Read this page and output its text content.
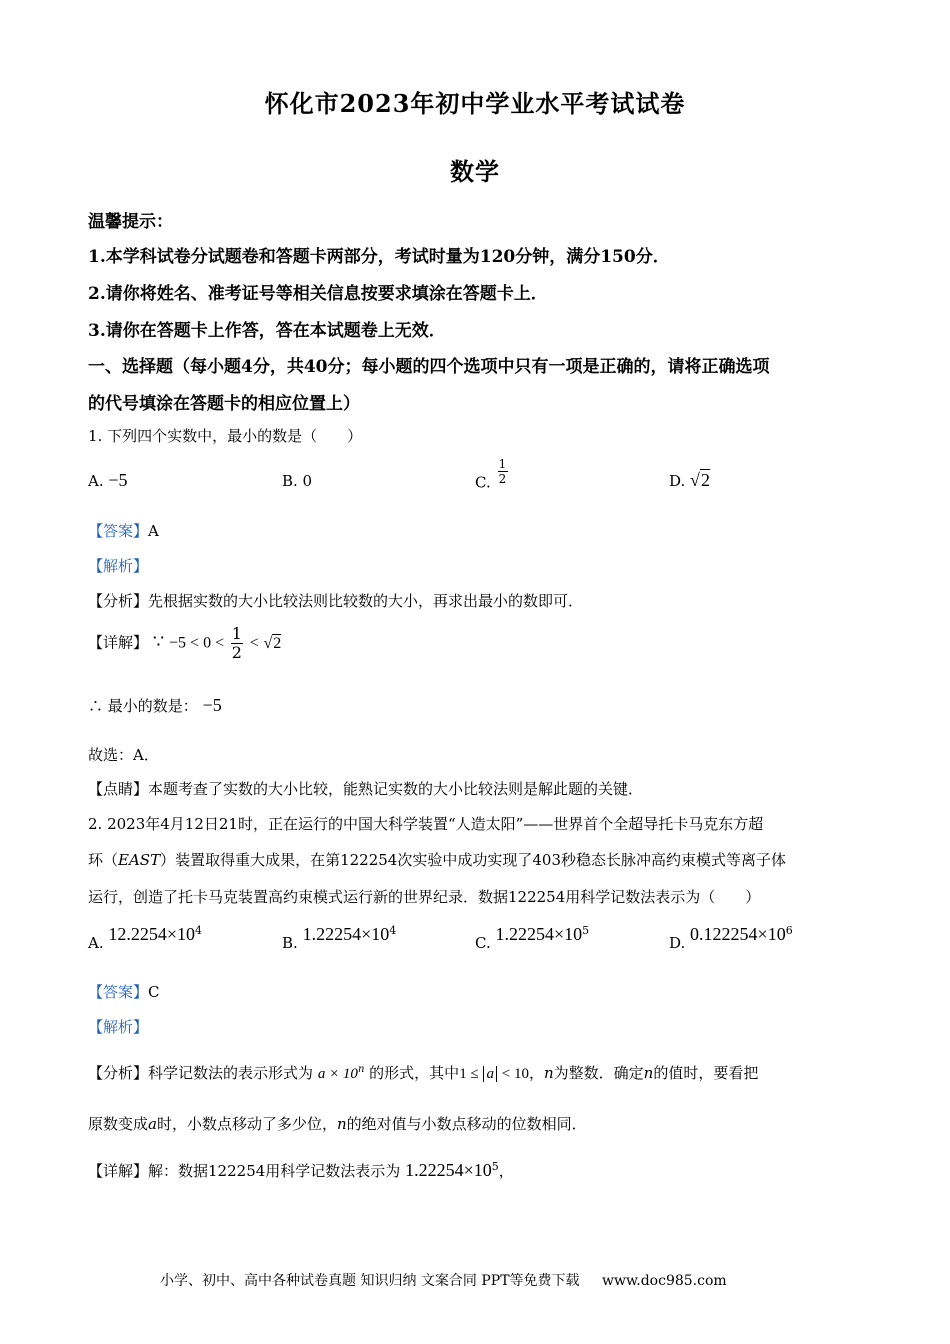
怀化市2023年初中学业水平考试试卷
数学
温馨提示：
1.本学科试卷分试题卷和答题卡两部分，考试时量为120分钟，满分150分．
2.请你将姓名、准考证号等相关信息按要求填涂在答题卡上．
3.请你在答题卡上作答，答在本试题卷上无效．
一、选择题（每小题4分，共40分；每小题的四个选项中只有一项是正确的，请将正确选项
的代号填涂在答题卡的相应位置上）
1. 下列四个实数中，最小的数是（　　）
A. −5	B. 0	C. $\frac{1}{2}$	D. √2
【答案】A
【解析】
【分析】先根据实数的大小比较法则比较数的大小，再求出最小的数即可．
【详解】 ∵ $-5 < 0 < \frac{1}{2} < √2$
∴ 最小的数是： −5
故选：A．
【点睛】本题考查了实数的大小比较，能熟记实数的大小比较法则是解此题的关键．
2. 2023年4月12日21时，正在运行的中国大科学装置“人造太阳”——世界首个全超导托卡马克东方超
环（EAST）装置取得重大成果，在第122254次实验中成功实现了403秒稳态长脉冲高约束模式等离子体
运行，创造了托卡马克装置高约束模式运行新的世界纪录．数据122254用科学记数法表示为（　　）
A. $12.2254\times 10^4$
B. $1.22254\times 10^4$
C. $1.22254\times 10^5$
D. $0.122254\times 10^6$
【答案】C
【解析】
【分析】科学记数法的表示形式为 $a \times 10^n$ 的形式，其中1 ≤ a < 10，n为整数．确定n的值时，要看把
原数变成a时，小数点移动了多少位，n的绝对值与小数点移动的位数相同．
【详解】解：数据122254用科学记数法表示为 $1.22254\times 10^5$，
小学、初中、高中各种试卷真题 知识归纳 文案合同 PPT等免费下载 www.doc985.com
